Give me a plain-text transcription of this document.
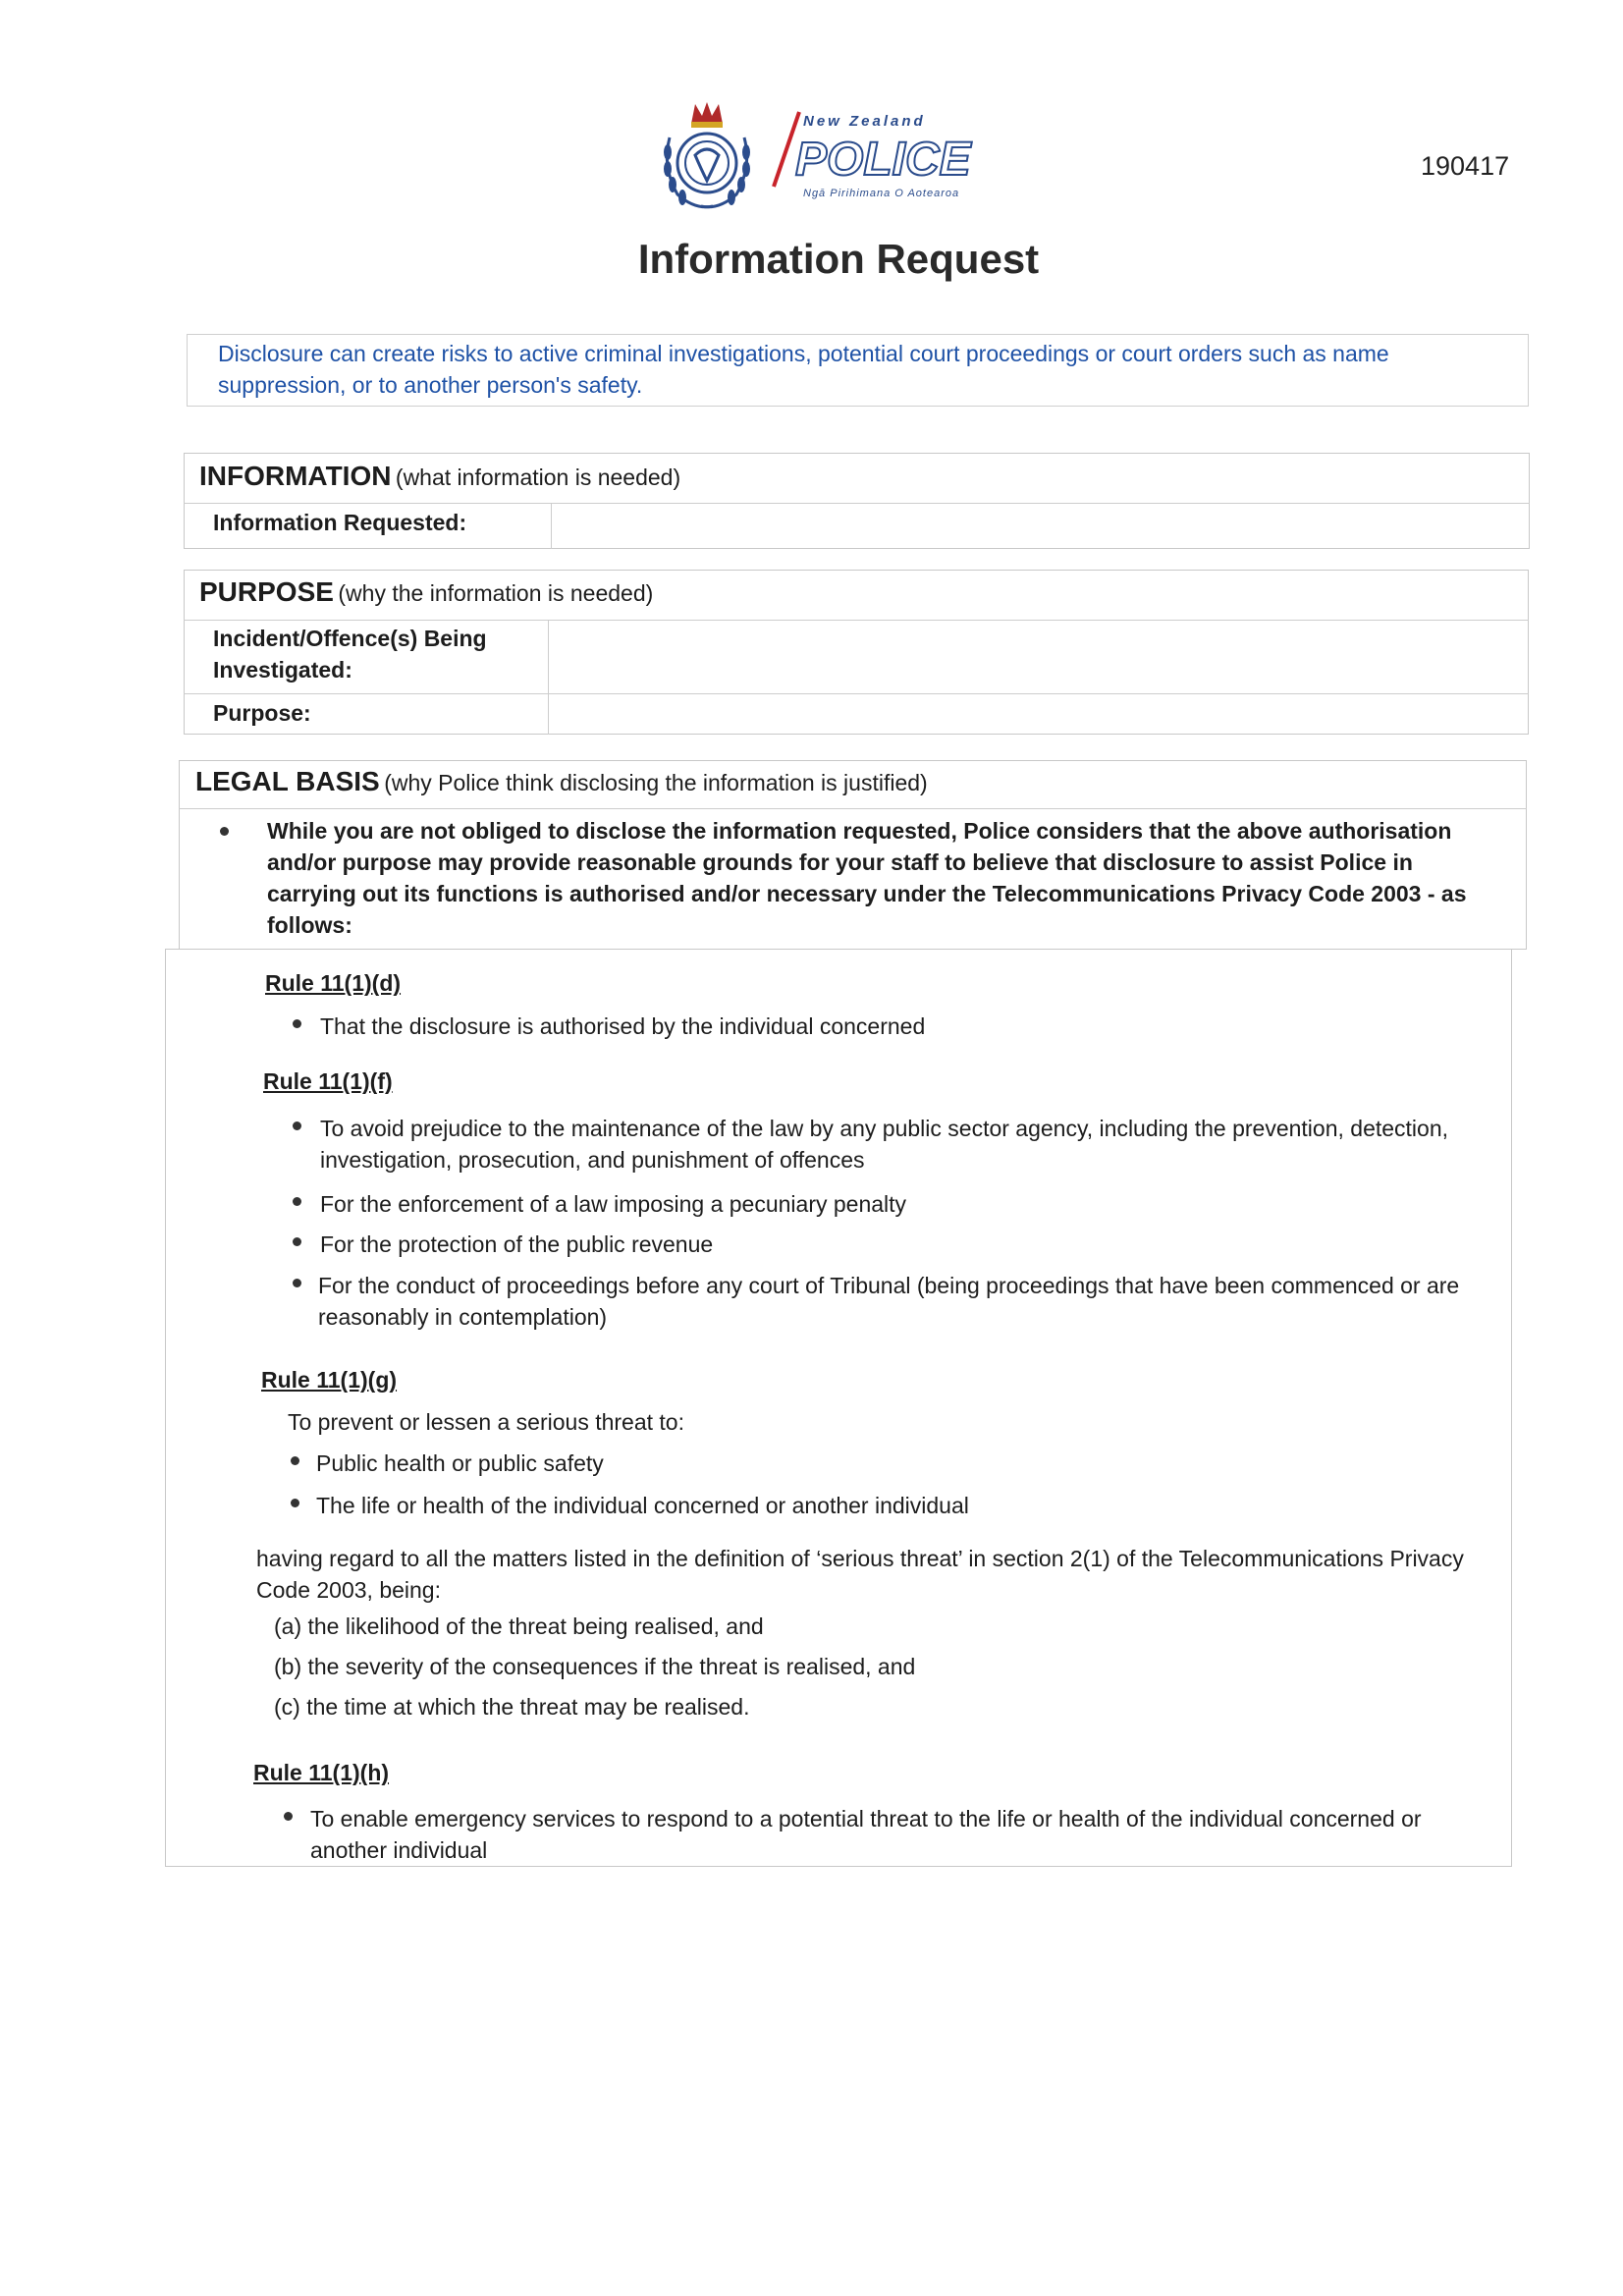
New Zealand
POLICE
Ngā Pirihimana O Aotearoa
190417
Information Request
Disclosure can create risks to active criminal investigations, potential court proceedings or court orders such as name suppression, or to another person's safety.
INFORMATION (what information is needed)
Information Requested:
PURPOSE (why the information is needed)
Incident/Offence(s) Being Investigated:
Purpose:
LEGAL BASIS (why Police think disclosing the information is justified)
While you are not obliged to disclose the information requested, Police considers that the above authorisation and/or purpose may provide reasonable grounds for your staff to believe that disclosure to assist Police in carrying out its functions is authorised and/or necessary under the Telecommunications Privacy Code 2003 - as follows:
Rule 11(1)(d)
That the disclosure is authorised by the individual concerned
Rule 11(1)(f)
To avoid prejudice to the maintenance of the law by any public sector agency, including the prevention, detection, investigation, prosecution, and punishment of offences
For the enforcement of a law imposing a pecuniary penalty
For the protection of the public revenue
For the conduct of proceedings before any court of Tribunal (being proceedings that have been commenced or are reasonably in contemplation)
Rule 11(1)(g)
To prevent or lessen a serious threat to:
Public health or public safety
The life or health of the individual concerned or another individual
having regard to all the matters listed in the definition of ‘serious threat’ in section 2(1) of the Telecommunications Privacy Code 2003, being:
(a) the likelihood of the threat being realised, and
(b) the severity of the consequences if the threat is realised, and
(c) the time at which the threat may be realised.
Rule 11(1)(h)
To enable emergency services to respond to a potential threat to the life or health of the individual concerned or another individual
